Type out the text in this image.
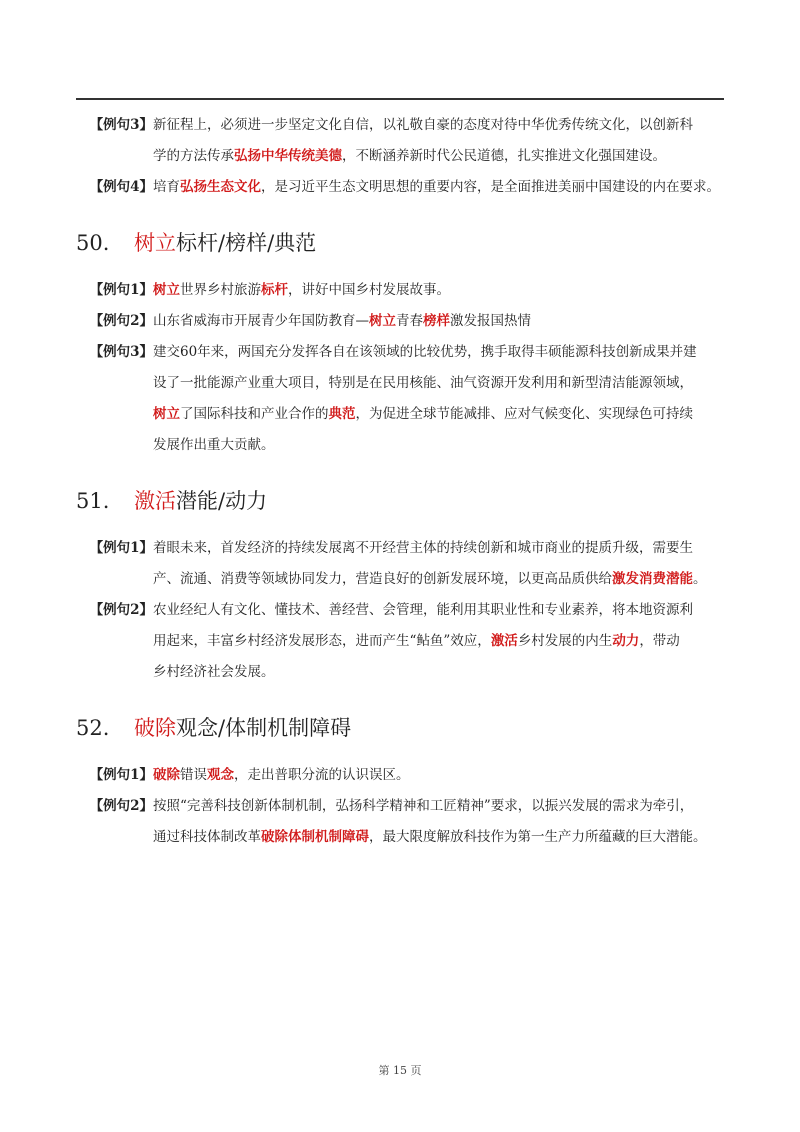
【例句3】 新征程上，必须进一步坚定文化自信，以礼敬自豪的态度对待中华优秀传统文化，以创新科
学的方法传承弘扬中华传统美德，不断涵养新时代公民道德，扎实推进文化强国建设。
【例句4】 培育弘扬生态文化，是习近平生态文明思想的重要内容，是全面推进美丽中国建设的内在要求。
50.	树立 标杆/榜样/典范
【例句1】 树立世界乡村旅游标杆，讲好中国乡村发展故事。
【例句2】 山东省威海市开展青少年国防教育—树立青春榜样激发报国热情
【例句3】 建交60年来，两国充分发挥各自在该领域的比较优势，携手取得丰硕能源科技创新成果并建
设了一批能源产业重大项目，特别是在民用核能、油气资源开发利用和新型清洁能源领域，
树立了国际科技和产业合作的典范，为促进全球节能减排、应对气候变化、实现绿色可持续
发展作出重大贡献。
51.	激活 潜能/动力
【例句1】 着眼未来，首发经济的持续发展离不开经营主体的持续创新和城市商业的提质升级，需要生
产、流通、消费等领域协同发力，营造良好的创新发展环境，以更高品质供给激发消费潜能。
【例句2】 农业经纪人有文化、懂技术、善经营、会管理，能利用其职业性和专业素养，将本地资源利
用起来，丰富乡村经济发展形态，进而产生“鲇鱼”效应，激活乡村发展的内生动力，带动
乡村经济社会发展。
52.	破除 观念/体制机制障碍
【例句1】 破除错误观念，走出普职分流的认识误区。
【例句2】 按照“完善科技创新体制机制，弘扬科学精神和工匠精神”要求，以振兴发展的需求为牵引，
通过科技体制改革破除体制机制障碍，最大限度解放科技作为第一生产力所蕴藏的巨大潜能。
第 15 页
